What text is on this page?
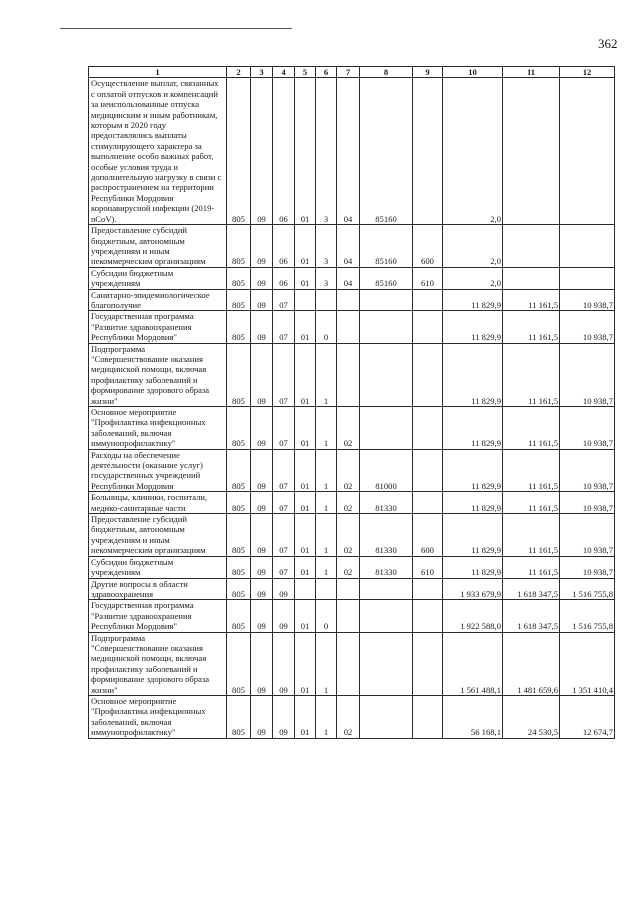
362
1	2	3	4	5	6	7	8	9	10	11	12
Осуществление выплат, связанных с оплатой отпусков и компенсаций за неиспользованные отпуска медицинским и иным работникам, которым в 2020 году предоставлялись выплаты стимулирующего характера за выполнение особо важных работ, особые условия труда и дополнительную нагрузку в связи с распространением на территории Республики Мордовия коронавирусной инфекции (2019-nCoV).	805	09	06	01	3	04	85160		2,0		
Предоставление субсидий бюджетным, автономным учреждениям и иным некоммерческим организациям	805	09	06	01	3	04	85160	600	2,0		
Субсидии бюджетным учреждениям	805	09	06	01	3	04	85160	610	2,0		
Санитарно-эпидемиологическое благополучие	805	09	07						11 829,9	11 161,5	10 938,7
Государственная программа "Развитие здравоохранения Республики Мордовия"	805	09	07	01	0				11 829,9	11 161,5	10 938,7
Подпрограмма "Совершенствование оказания медицинской помощи, включая профилактику заболеваний и формирование здорового образа жизни"	805	09	07	01	1				11 829,9	11 161,5	10 938,7
Основное мероприятие "Профилактика инфекционных заболеваний, включая иммунопрофилактику"	805	09	07	01	1	02			11 829,9	11 161,5	10 938,7
Расходы на обеспечение деятельности (оказание услуг) государственных учреждений Республики Мордовия	805	09	07	01	1	02	81000		11 829,9	11 161,5	10 938,7
Больницы, клиники, госпитали, медико-санитарные части	805	09	07	01	1	02	81330		11 829,9	11 161,5	10 938,7
Предоставление субсидий бюджетным, автономным учреждениям и иным некоммерческим организациям	805	09	07	01	1	02	81330	600	11 829,9	11 161,5	10 938,7
Субсидии бюджетным учреждениям	805	09	07	01	1	02	81330	610	11 829,9	11 161,5	10 938,7
Другие вопросы в области здравоохранения	805	09	09						1 933 679,9	1 618 347,5	1 516 755,8
Государственная программа "Развитие здравоохранения Республики Мордовия"	805	09	09	01	0				1 922 588,0	1 618 347,5	1 516 755,8
Подпрограмма "Совершенствование оказания медицинской помощи, включая профилактику заболеваний и формирование здорового образа жизни"	805	09	09	01	1				1 561 488,1	1 481 659,6	1 351 410,4
Основное мероприятие "Профилактика инфекционных заболеваний, включая иммунопрофилактику"	805	09	09	01	1	02			56 168,1	24 530,5	12 674,7
